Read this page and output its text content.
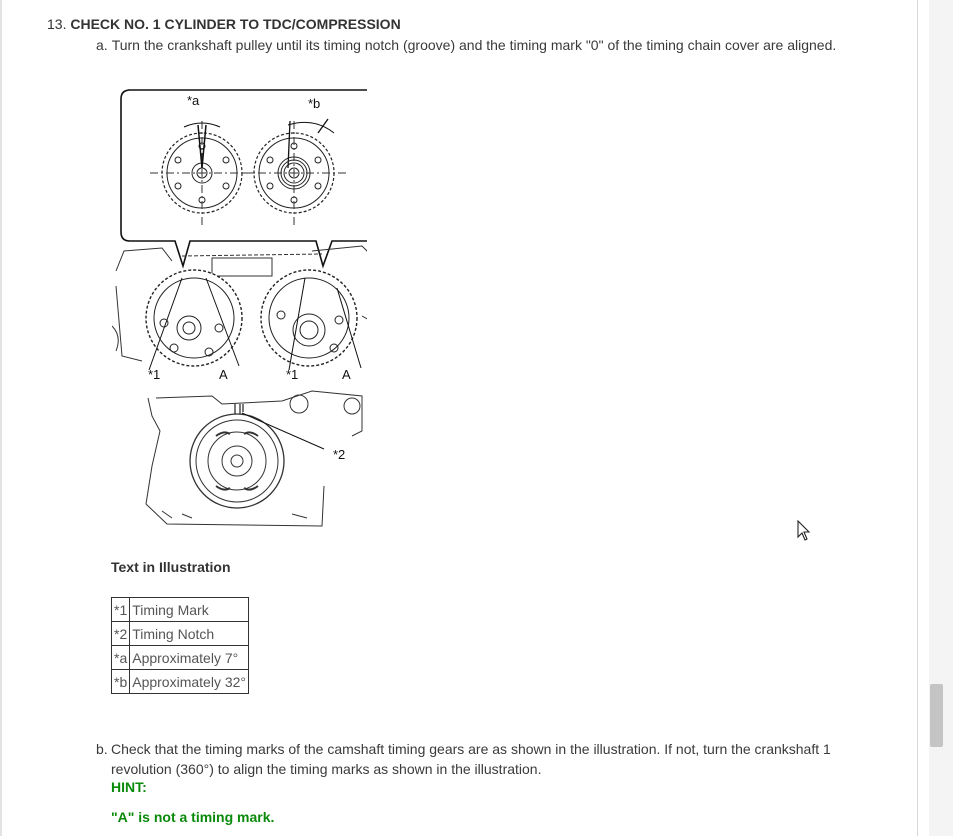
13. CHECK NO. 1 CYLINDER TO TDC/COMPRESSION
a. Turn the crankshaft pulley until its timing notch (groove) and the timing mark "0" of the timing chain cover are aligned.
*a	*b
*1	A	*1	A
*2
Text in Illustration
*1	Timing Mark
*2	Timing Notch
*a	Approximately 7°
*b	Approximately 32°
b. Check that the timing marks of the camshaft timing gears are as shown in the illustration. If not, turn the crankshaft 1 revolution (360°) to align the timing marks as shown in the illustration.
HINT:
"A" is not a timing mark.
